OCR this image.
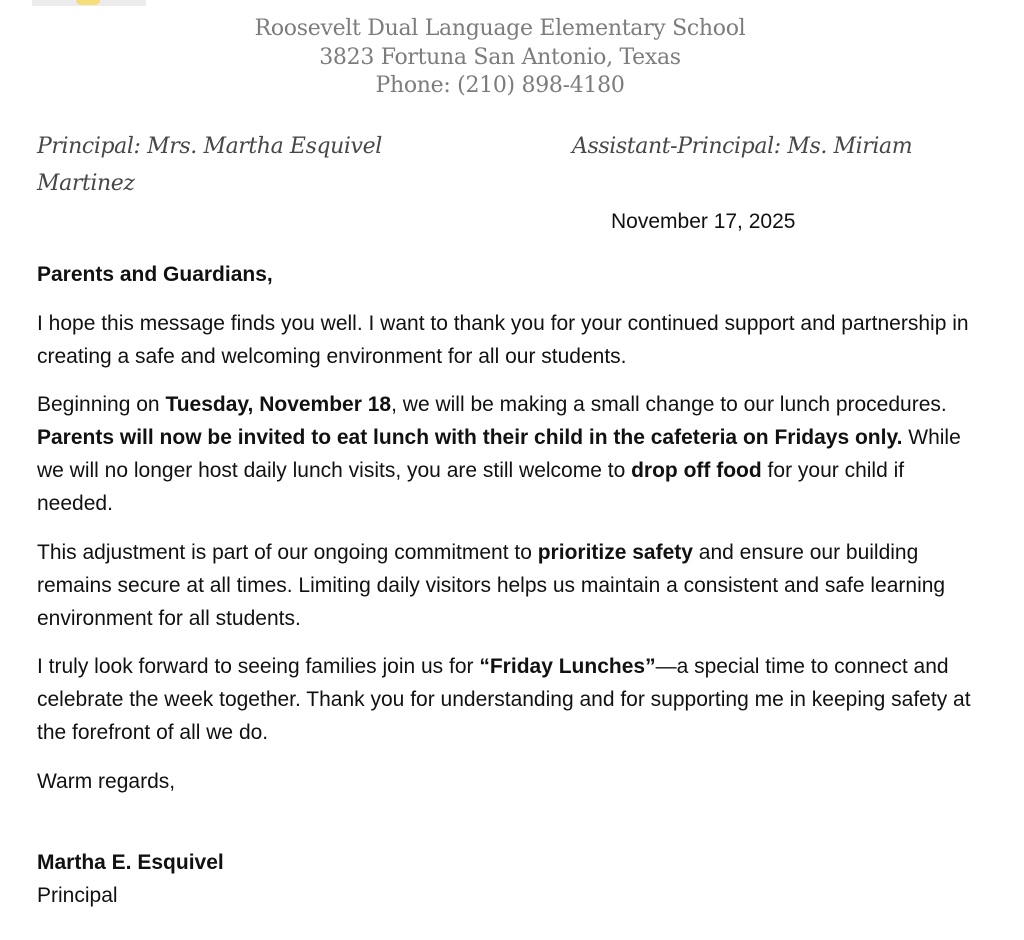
Roosevelt Dual Language Elementary School
3823 Fortuna San Antonio, Texas
Phone: (210) 898-4180
Principal: Mrs. Martha Esquivel
Martinez
Assistant-Principal: Ms. Miriam
November 17, 2025

Parents and Guardians,

I hope this message finds you well. I want to thank you for your continued support and partnership in creating a safe and welcoming environment for all our students.

Beginning on Tuesday, November 18, we will be making a small change to our lunch procedures. Parents will now be invited to eat lunch with their child in the cafeteria on Fridays only. While we will no longer host daily lunch visits, you are still welcome to drop off food for your child if needed.

This adjustment is part of our ongoing commitment to prioritize safety and ensure our building remains secure at all times. Limiting daily visitors helps us maintain a consistent and safe learning environment for all students.

I truly look forward to seeing families join us for “Friday Lunches”—a special time to connect and celebrate the week together. Thank you for understanding and for supporting me in keeping safety at the forefront of all we do.

Warm regards,

Martha E. Esquivel

Principal
